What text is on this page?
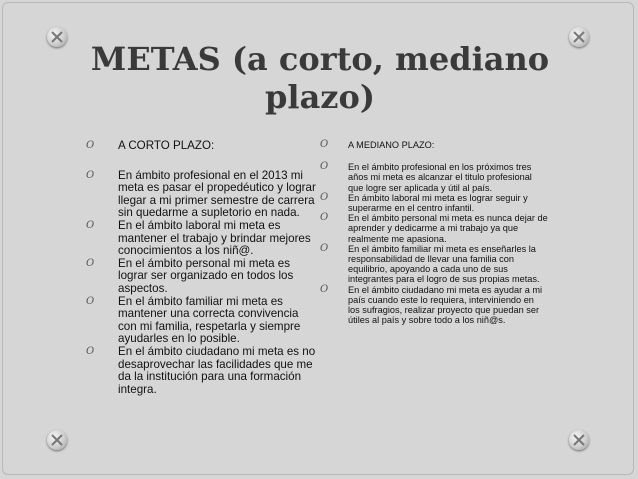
METAS (a corto, mediano plazo)
O A CORTO PLAZO:
O En ámbito profesional en el 2013 mi meta es pasar el propedéutico y lograr llegar a mi primer semestre de carrera sin quedarme a supletorio en nada.
O En el ámbito laboral mi meta es mantener el trabajo y brindar mejores conocimientos a los niñ@.
O En el ámbito personal mi meta es lograr ser organizado en todos los aspectos.
O En el ámbito familiar mi meta es mantener una correcta convivencia con mi familia, respetarla y siempre ayudarles en lo posible.
O En el ámbito ciudadano mi meta es no desaprovechar las facilidades que me da la institución para una formación integra.
O A MEDIANO PLAZO:
O En el ámbito profesional en los próximos tres años mi meta es alcanzar el titulo profesional que logre ser aplicada y útil al país.
O En ámbito laboral mi meta es lograr seguir y superarme en el centro infantil.
O En el ámbito personal mi meta es nunca dejar de aprender y dedicarme a mi trabajo ya que realmente me apasiona.
O En el ámbito familiar mi meta es enseñarles la responsabilidad de llevar una familia con equilibrio, apoyando a cada uno de sus integrantes para el logro de sus propias metas.
O En el ámbito ciudadano mi meta es ayudar a mi país cuando este lo requiera, interviniendo en los sufragios, realizar proyecto que puedan ser útiles al país y sobre todo a los niñ@s.
